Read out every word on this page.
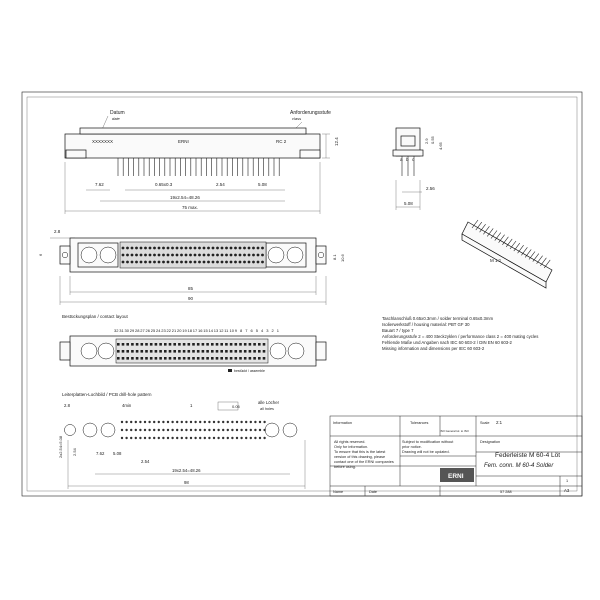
Datum
date
Anforderungsstufe
class
XXXXXXX	ERNI	RC 2
7.62	0.65x0.3	2.54	5.08
19x2.54=48.26
75 max.
12.4
a b c
2.9 0.55
4.65
2.56
5.08
2.8
85
90
6	8.1 10.6	M 1:1
Taschlanschluß 0.65x0.3mm / solder terminal 0.65x0.3mm
Isolierwerkstoff / housing material: PBT GF 30
Bauart 7 / type 7
Anforderungsstufe 2 = 400 Steckzyklen / performance class 2 = 400 mating cycles
Fehlende Maße und Angaben nach IEC 60 603-2 / DIN EN 60 603-2
Missing information and dimensions per IEC 60 603-2
Bestückungsplan / contact layout
32 31 30 29 28 27 26 25 24 23 22 21 20 19 18 17 16 15 14 13 12 11 10 9 8 7 6 5 4 3 2 1
bestückt / assemble
Leiterplatten-Lochbild / PCB drill-hole pattern
2.8	4min	1	0.05
alle Löcher
all holes
2x2.54=5.08 2.54	7.62 5.08
2.54
19x2.54=48.26
98
Information	Tolerances
ISO General tol. to ISO
Scale 2:1
Designation
Federleiste M 60-4 Löt
Fem. conn. M 60-4 Solder
All rights reserved.
Only for information.
To ensure that this is the latest
version of this drawing, please
contact one of the ERNI companies
before using.
Subject to modification without
prior notice.
Drawing will not be updated.
ERNI
Name	Date
1
A3
57 288
